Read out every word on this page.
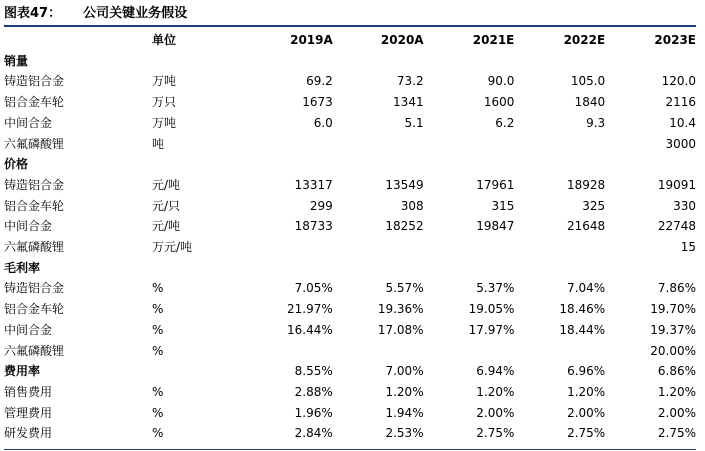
图表47： 公司关键业务假设
	单位	2019A	2020A	2021E	2022E	2023E
销量						
铸造铝合金	万吨	69.2	73.2	90.0	105.0	120.0
铝合金车轮	万只	1673	1341	1600	1840	2116
中间合金	万吨	6.0	5.1	6.2	9.3	10.4
六氟磷酸锂	吨					3000
价格						
铸造铝合金	元/吨	13317	13549	17961	18928	19091
铝合金车轮	元/只	299	308	315	325	330
中间合金	元/吨	18733	18252	19847	21648	22748
六氟磷酸锂	万元/吨					15
毛利率						
铸造铝合金	%	7.05%	5.57%	5.37%	7.04%	7.86%
铝合金车轮	%	21.97%	19.36%	19.05%	18.46%	19.70%
中间合金	%	16.44%	17.08%	17.97%	18.44%	19.37%
六氟磷酸锂	%					20.00%
费用率		8.55%	7.00%	6.94%	6.96%	6.86%
销售费用	%	2.88%	1.20%	1.20%	1.20%	1.20%
管理费用	%	1.96%	1.94%	2.00%	2.00%	2.00%
研发费用	%	2.84%	2.53%	2.75%	2.75%	2.75%
